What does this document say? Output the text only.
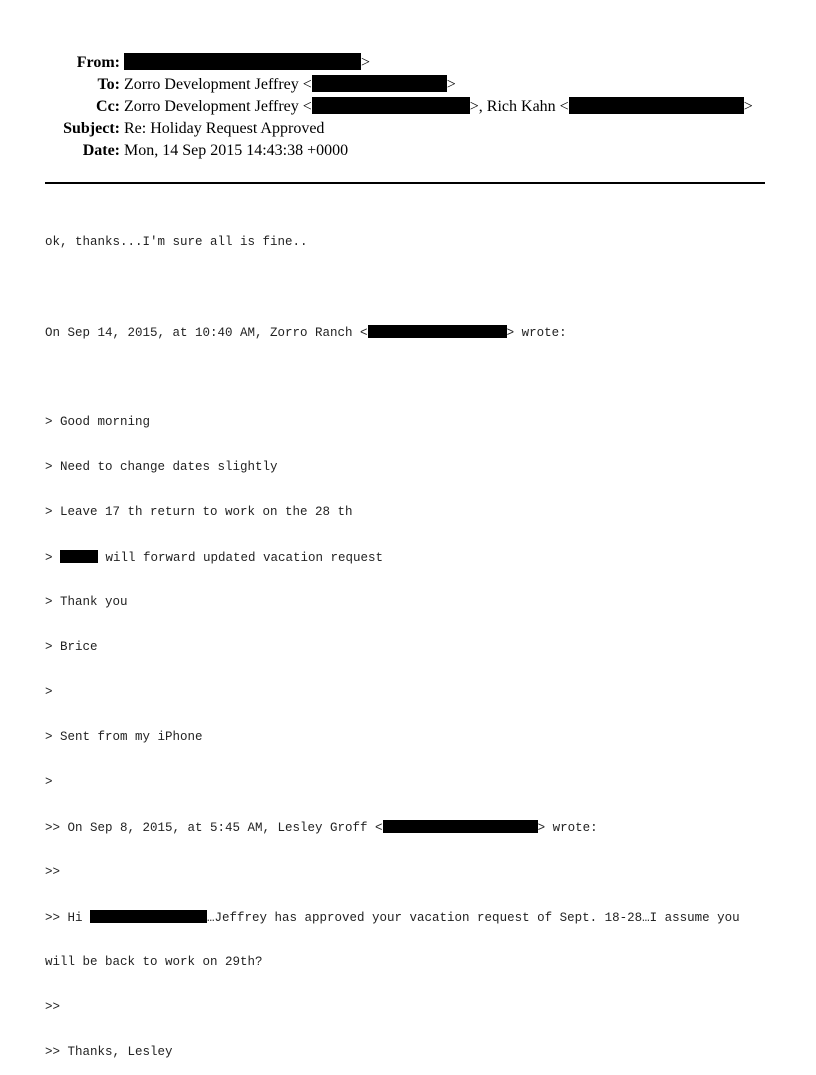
From:	>
To: Zorro Development Jeffrey <	>
Cc: Zorro Development Jeffrey <	>, Rich Kahn <	>
Subject: Re: Holiday Request Approved
Date: Mon, 14 Sep 2015 14:43:38 +0000

ok, thanks...I'm sure all is fine..

On Sep 14, 2015, at 10:40 AM, Zorro Ranch <	> wrote:

> Good morning

> Need to change dates slightly

> Leave 17 th return to work on the 28 th

>	will forward updated vacation request

> Thank you

> Brice

>

> Sent from my iPhone

>

>> On Sep 8, 2015, at 5:45 AM, Lesley Groff <	> wrote:

>>

>> Hi	…Jeffrey has approved your vacation request of Sept. 18-28…I assume you

will be back to work on 29th?

>>

>> Thanks, Lesley
